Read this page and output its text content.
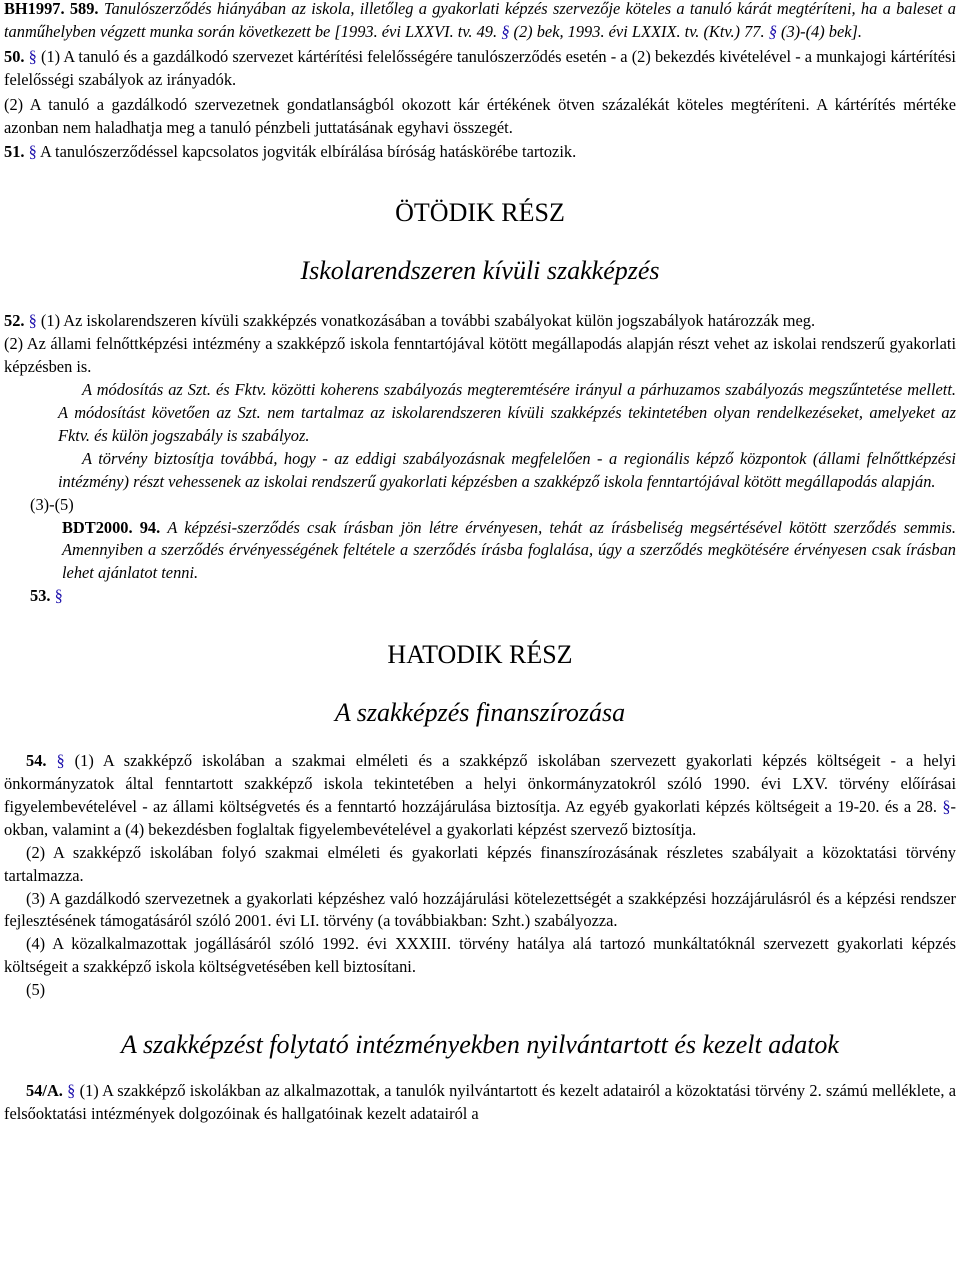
BH1997. 589. Tanulószerződés hiányában az iskola, illetőleg a gyakorlati képzés szervezője köteles a tanuló kárát megtéríteni, ha a baleset a tanműhelyben végzett munka során következett be [1993. évi LXXVI. tv. 49. § (2) bek, 1993. évi LXXIX. tv. (Ktv.) 77. § (3)-(4) bek].

50. § (1) A tanuló és a gazdálkodó szervezet kártérítési felelősségére tanulószerződés esetén - a (2) bekezdés kivételével - a munkajogi kártérítési felelősségi szabályok az irányadók.

(2) A tanuló a gazdálkodó szervezetnek gondatlanságból okozott kár értékének ötven százalékát köteles megtéríteni. A kártérítés mértéke azonban nem haladhatja meg a tanuló pénzbeli juttatásának egyhavi összegét.

51. § A tanulószerződéssel kapcsolatos jogviták elbírálása bíróság hatáskörébe tartozik.

ÖTÖDIK RÉSZ

Iskolarendszeren kívüli szakképzés

52. § (1) Az iskolarendszeren kívüli szakképzés vonatkozásában a további szabályokat külön jogszabályok határozzák meg.

(2) Az állami felnőttképzési intézmény a szakképző iskola fenntartójával kötött megállapodás alapján részt vehet az iskolai rendszerű gyakorlati képzésben is.

A módosítás az Szt. és Fktv. közötti koherens szabályozás megteremtésére irányul a párhuzamos szabályozás megszűntetése mellett. A módosítást követően az Szt. nem tartalmaz az iskolarendszeren kívüli szakképzés tekintetében olyan rendelkezéseket, amelyeket az Fktv. és külön jogszabály is szabályoz.

A törvény biztosítja továbbá, hogy - az eddigi szabályozásnak megfelelően - a regionális képző központok (állami felnőttképzési intézmény) részt vehessenek az iskolai rendszerű gyakorlati képzésben a szakképző iskola fenntartójával kötött megállapodás alapján.

(3)-(5)

BDT2000. 94. A képzési-szerződés csak írásban jön létre érvényesen, tehát az írásbeliség megsértésével kötött szerződés semmis. Amennyiben a szerződés érvényességének feltétele a szerződés írásba foglalása, úgy a szerződés megkötésére érvényesen csak írásban lehet ajánlatot tenni.

53. §

HATODIK RÉSZ

A szakképzés finanszírozása

54. § (1) A szakképző iskolában a szakmai elméleti és a szakképző iskolában szervezett gyakorlati képzés költségeit - a helyi önkormányzatok által fenntartott szakképző iskola tekintetében a helyi önkormányzatokról szóló 1990. évi LXV. törvény előírásai figyelembevételével - az állami költségvetés és a fenntartó hozzájárulása biztosítja. Az egyéb gyakorlati képzés költségeit a 19-20. és a 28. §-okban, valamint a (4) bekezdésben foglaltak figyelembevételével a gyakorlati képzést szervező biztosítja.

(2) A szakképző iskolában folyó szakmai elméleti és gyakorlati képzés finanszírozásának részletes szabályait a közoktatási törvény tartalmazza.

(3) A gazdálkodó szervezetnek a gyakorlati képzéshez való hozzájárulási kötelezettségét a szakképzési hozzájárulásról és a képzési rendszer fejlesztésének támogatásáról szóló 2001. évi LI. törvény (a továbbiakban: Szht.) szabályozza.

(4) A közalkalmazottak jogállásáról szóló 1992. évi XXXIII. törvény hatálya alá tartozó munkáltatóknál szervezett gyakorlati képzés költségeit a szakképző iskola költségvetésében kell biztosítani.

(5)

A szakképzést folytató intézményekben nyilvántartott és kezelt adatok

54/A. § (1) A szakképző iskolákban az alkalmazottak, a tanulók nyilvántartott és kezelt adatairól a közoktatási törvény 2. számú melléklete, a felsőoktatási intézmények dolgozóinak és hallgatóinak kezelt adatairól a
